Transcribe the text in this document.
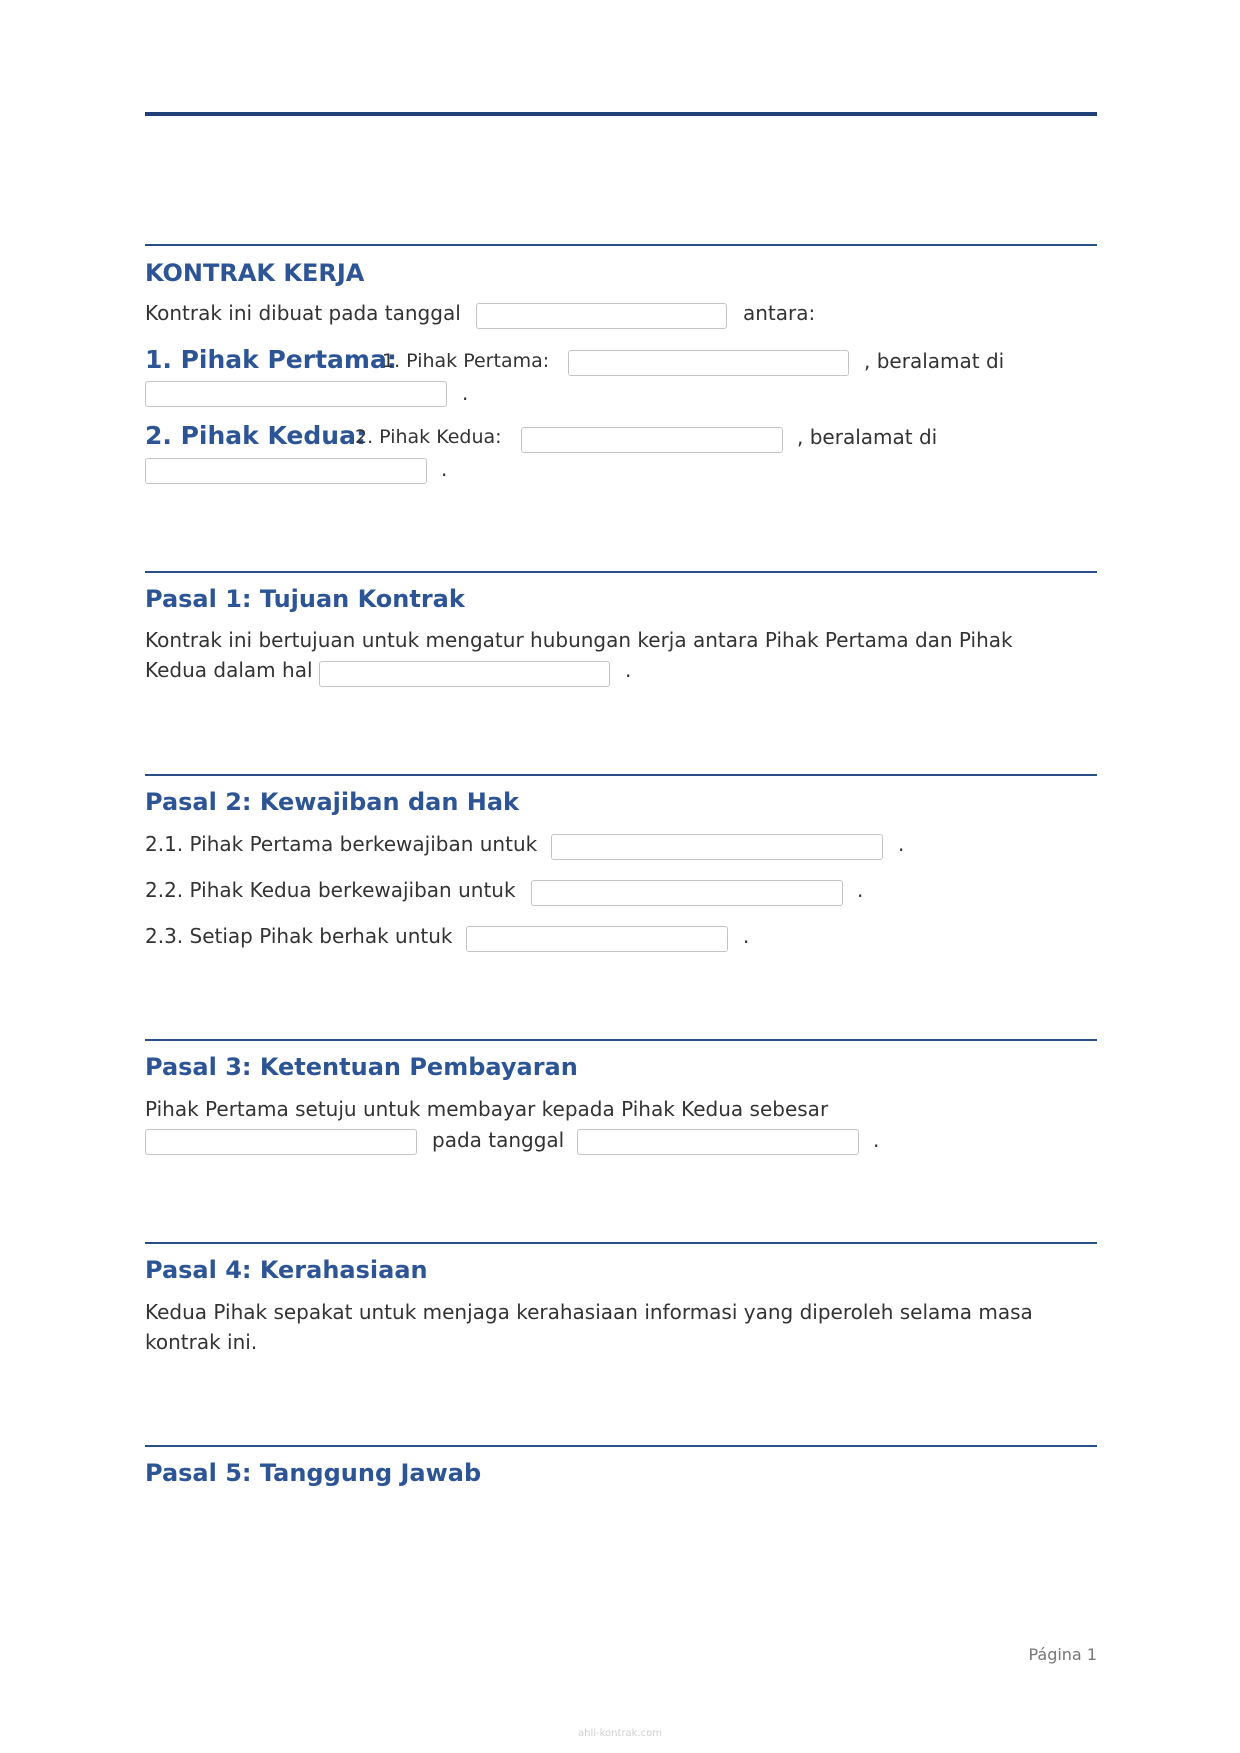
KONTRAK KERJA

Kontrak ini dibuat pada tanggal	antara:

1. Pihak Pertama:

1. Pihak Pertama:	, beralamat di

.

2. Pihak Kedua:

2. Pihak Kedua:	, beralamat di

.

Pasal 1: Tujuan Kontrak

Kontrak ini bertujuan untuk mengatur hubungan kerja antara Pihak Pertama dan Pihak

Kedua dalam hal	.

Pasal 2: Kewajiban dan Hak

2.1. Pihak Pertama berkewajiban untuk	.

2.2. Pihak Kedua berkewajiban untuk	.

2.3. Setiap Pihak berhak untuk	.

Pasal 3: Ketentuan Pembayaran

Pihak Pertama setuju untuk membayar kepada Pihak Kedua sebesar

pada tanggal	.

Pasal 4: Kerahasiaan

Kedua Pihak sepakat untuk menjaga kerahasiaan informasi yang diperoleh selama masa

kontrak ini.

Pasal 5: Tanggung Jawab
Página 1
ahli-kontrak.com
